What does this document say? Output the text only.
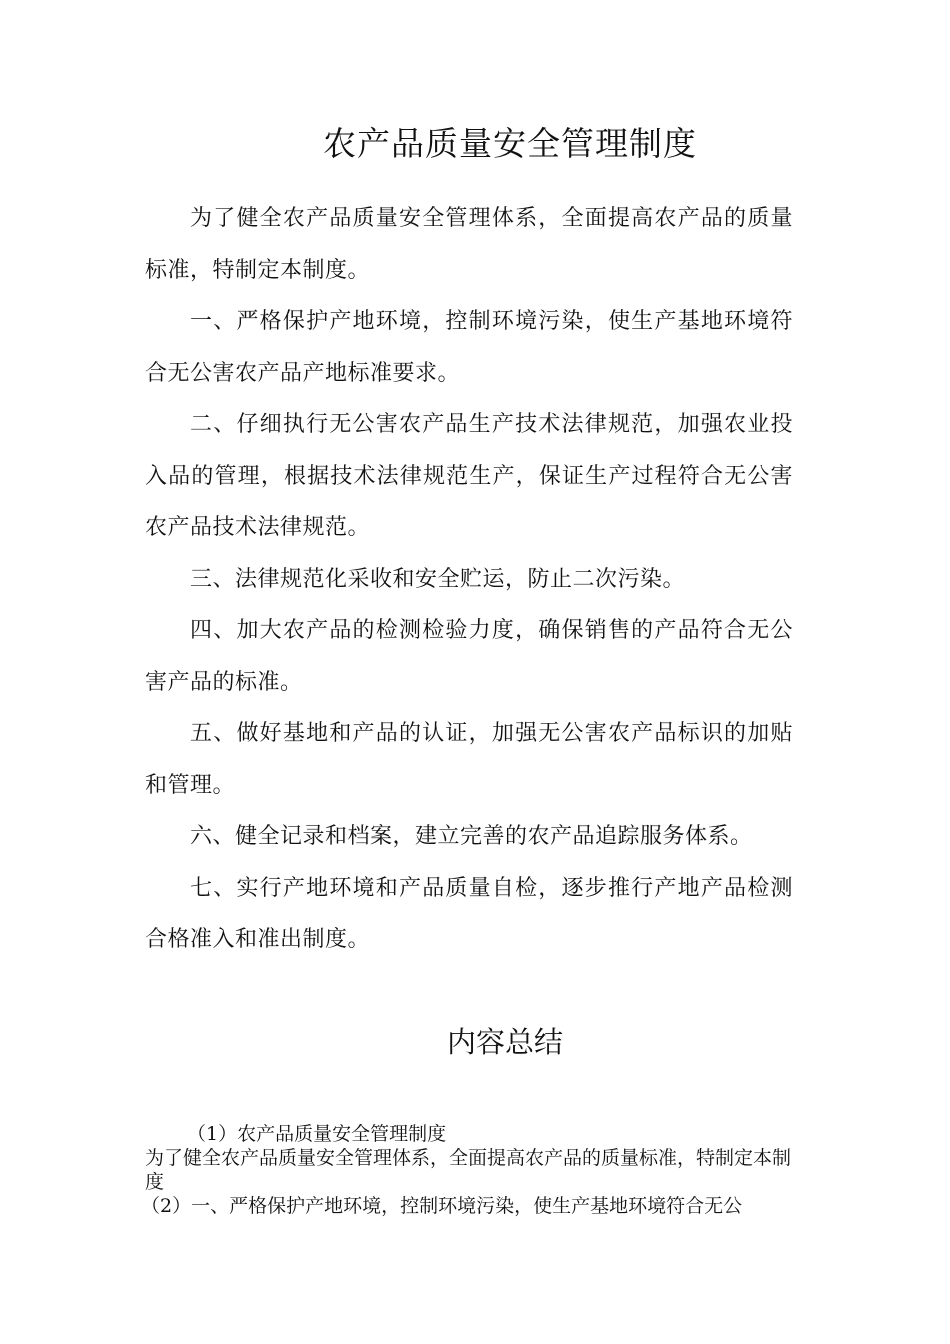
农产品质量安全管理制度

为了健全农产品质量安全管理体系，全面提高农产品的质量标准，特制定本制度。

一、严格保护产地环境，控制环境污染，使生产基地环境符合无公害农产品产地标准要求。

二、仔细执行无公害农产品生产技术法律规范，加强农业投入品的管理，根据技术法律规范生产，保证生产过程符合无公害农产品技术法律规范。

三、法律规范化采收和安全贮运，防止二次污染。

四、加大农产品的检测检验力度，确保销售的产品符合无公害产品的标准。

五、做好基地和产品的认证，加强无公害农产品标识的加贴和管理。

六、健全记录和档案，建立完善的农产品追踪服务体系。

七、实行产地环境和产品质量自检，逐步推行产地产品检测合格准入和准出制度。

内容总结

（1）农产品质量安全管理制度

为了健全农产品质量安全管理体系，全面提高农产品的质量标准，特制定本制度

（2）一、严格保护产地环境，控制环境污染，使生产基地环境符合无公
